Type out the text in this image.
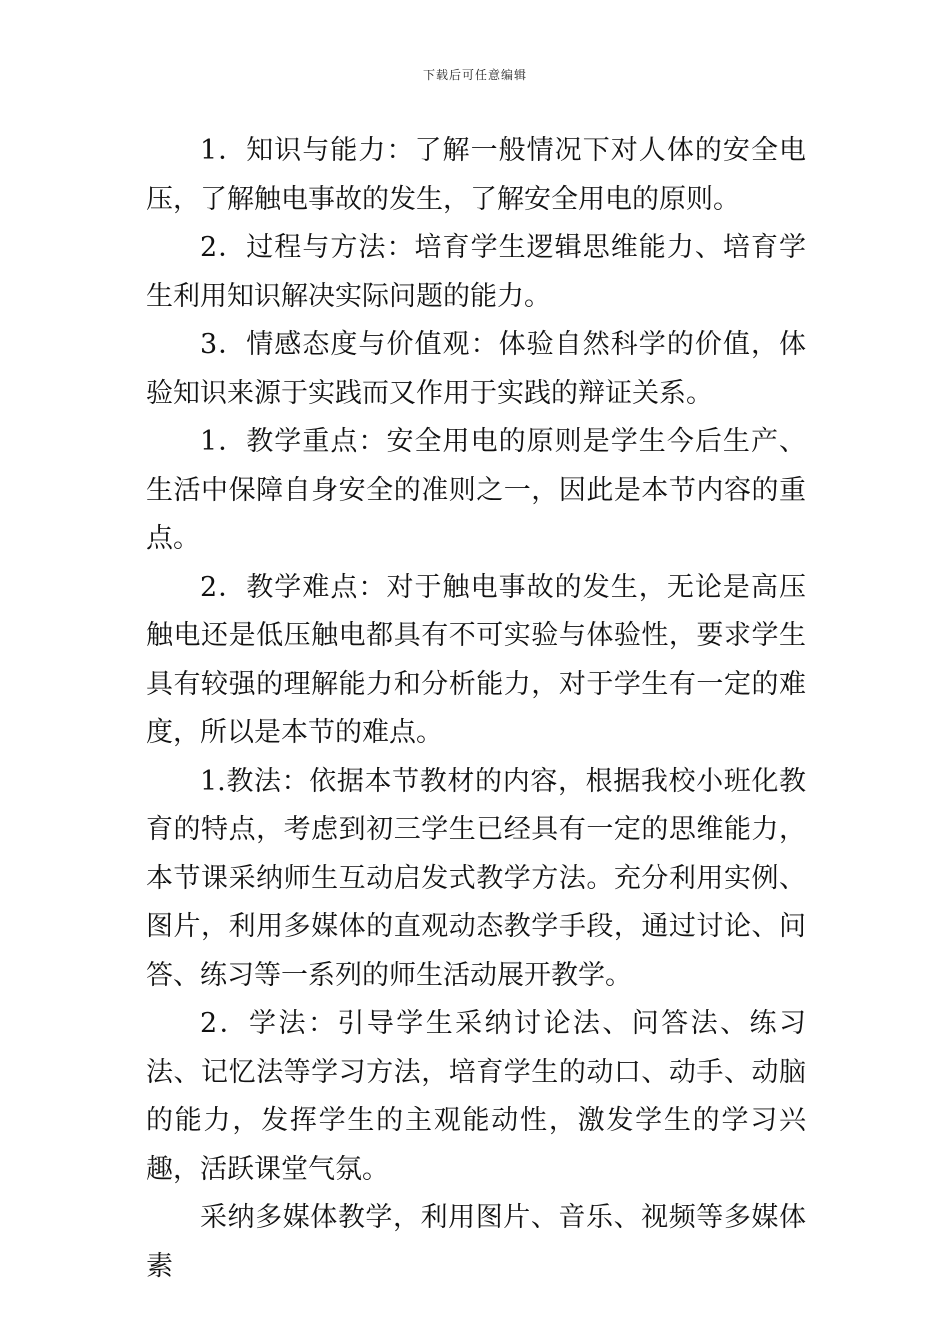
下载后可任意编辑

1．知识与能力：了解一般情况下对人体的安全电压，了解触电事故的发生，了解安全用电的原则。

2．过程与方法：培育学生逻辑思维能力、培育学生利用知识解决实际问题的能力。

3．情感态度与价值观：体验自然科学的价值，体验知识来源于实践而又作用于实践的辩证关系。

1．教学重点：安全用电的原则是学生今后生产、生活中保障自身安全的准则之一，因此是本节内容的重点。

2．教学难点：对于触电事故的发生，无论是高压触电还是低压触电都具有不可实验与体验性，要求学生具有较强的理解能力和分析能力，对于学生有一定的难度，所以是本节的难点。

1.教法：依据本节教材的内容，根据我校小班化教育的特点，考虑到初三学生已经具有一定的思维能力，本节课采纳师生互动启发式教学方法。充分利用实例、图片，利用多媒体的直观动态教学手段，通过讨论、问答、练习等一系列的师生活动展开教学。

2．学法：引导学生采纳讨论法、问答法、练习法、记忆法等学习方法，培育学生的动口、动手、动脑的能力，发挥学生的主观能动性，激发学生的学习兴趣，活跃课堂气氛。

采纳多媒体教学，利用图片、音乐、视频等多媒体素
